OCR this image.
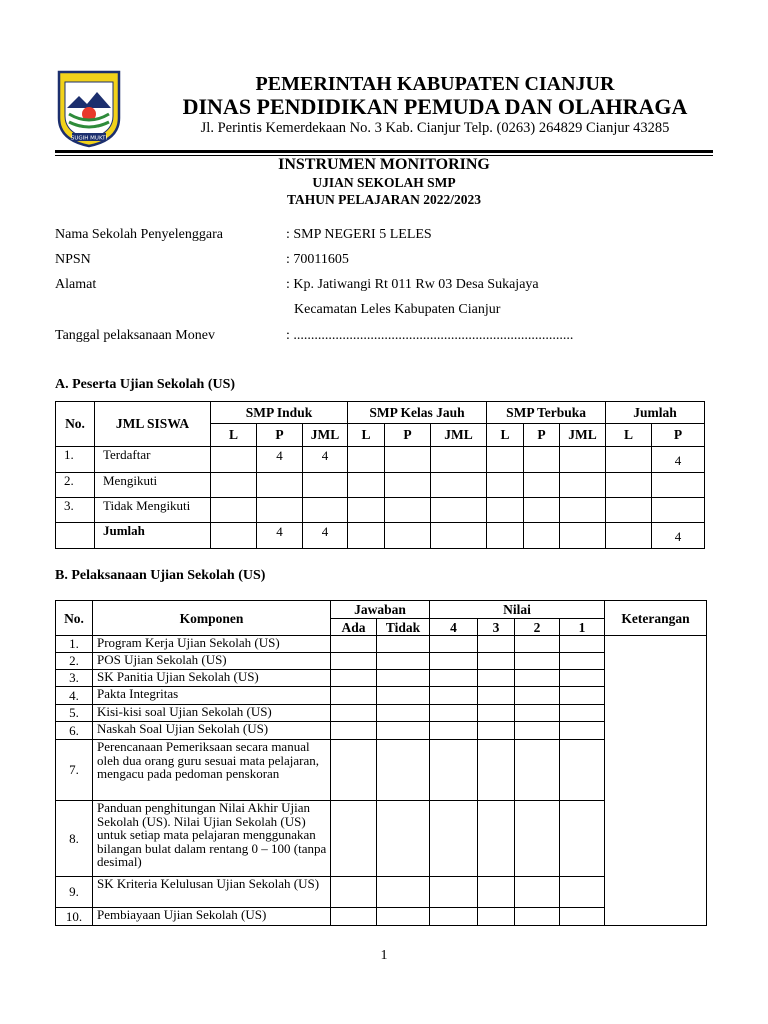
SUGIH MUKTI
PEMERINTAH KABUPATEN CIANJUR
DINAS PENDIDIKAN PEMUDA DAN OLAHRAGA
Jl. Perintis Kemerdekaan No. 3 Kab. Cianjur Telp. (0263) 264829 Cianjur 43285
INSTRUMEN MONITORING
UJIAN SEKOLAH SMP
TAHUN PELAJARAN 2022/2023
Nama Sekolah Penyelenggara	: SMP NEGERI 5 LELES
NPSN	: 70011605
Alamat	: Kp. Jatiwangi Rt 011 Rw 03 Desa Sukajaya
Kecamatan Leles Kabupaten Cianjur
Tanggal pelaksanaan Monev	: ................................................................................
A. Peserta Ujian Sekolah (US)
No.	JML SISWA	SMP Induk			SMP Kelas Jauh			SMP Terbuka			Jumlah	
		L	P	JML	L	P	JML	L	P	JML	L	P
1.	Terdaftar		4	4								4
2.	Mengikuti											
3.	Tidak Mengikuti											
	Jumlah		4	4								4
B. Pelaksanaan Ujian Sekolah (US)
No.	Komponen	Jawaban		Nilai				Keterangan
		Ada	Tidak	4	3	2	1	
1.	Program Kerja Ujian Sekolah (US)							
2.	POS Ujian Sekolah (US)							
3.	SK Panitia Ujian Sekolah (US)							
4.	Pakta Integritas							
5.	Kisi-kisi soal Ujian Sekolah (US)							
6.	Naskah Soal Ujian Sekolah (US)							
7.	Perencanaan Pemeriksaan secara manual oleh dua orang guru sesuai mata pelajaran, mengacu pada pedoman penskoran							
8.	Panduan penghitungan Nilai Akhir Ujian Sekolah (US). Nilai Ujian Sekolah (US) untuk setiap mata pelajaran menggunakan bilangan bulat dalam rentang 0 – 100 (tanpa desimal)							
9.	SK Kriteria Kelulusan Ujian Sekolah (US)							
10.	Pembiayaan Ujian Sekolah (US)							
1
